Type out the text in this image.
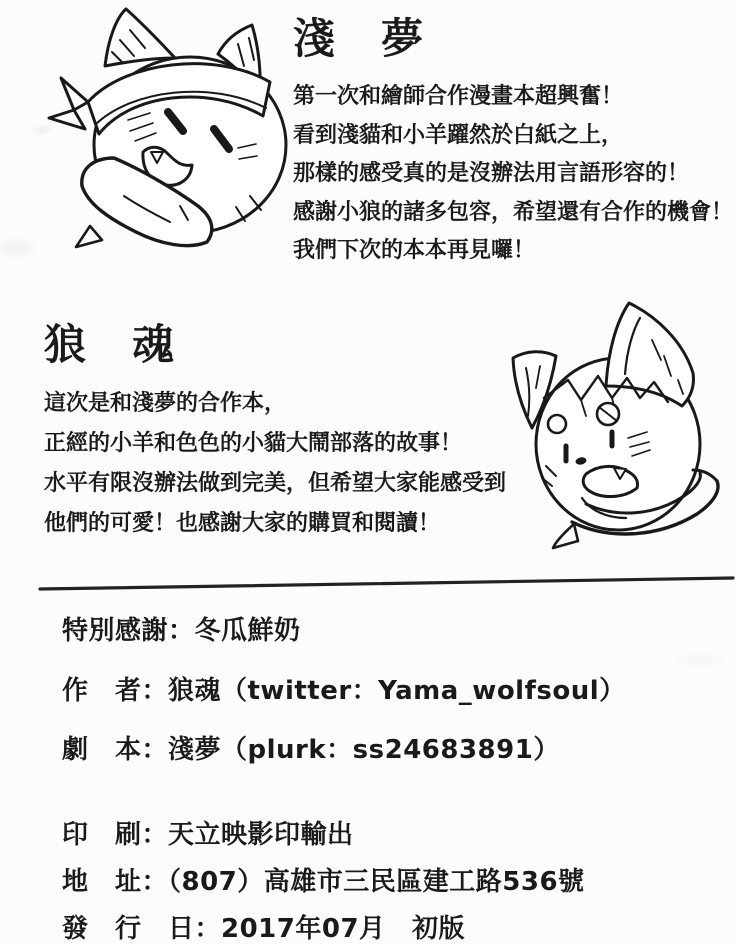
淺　夢
第一次和繪師合作漫畫本超興奮！
看到淺貓和小羊躍然於白紙之上，
那樣的感受真的是沒辦法用言語形容的！
感謝小狼的諸多包容，希望還有合作的機會！
我們下次的本本再見囉！
狼　魂
這次是和淺夢的合作本，
正經的小羊和色色的小貓大鬧部落的故事！
水平有限沒辦法做到完美，但希望大家能感受到
他們的可愛！也感謝大家的購買和閱讀！
特別感謝：冬瓜鮮奶
作　者：狼魂（twitter：Yama_wolfsoul）
劇　本：淺夢（plurk：ss24683891）
印　刷：天立映影印輸出
地　址：（807）高雄市三民區建工路536號
發　行　日：2017年07月　初版
